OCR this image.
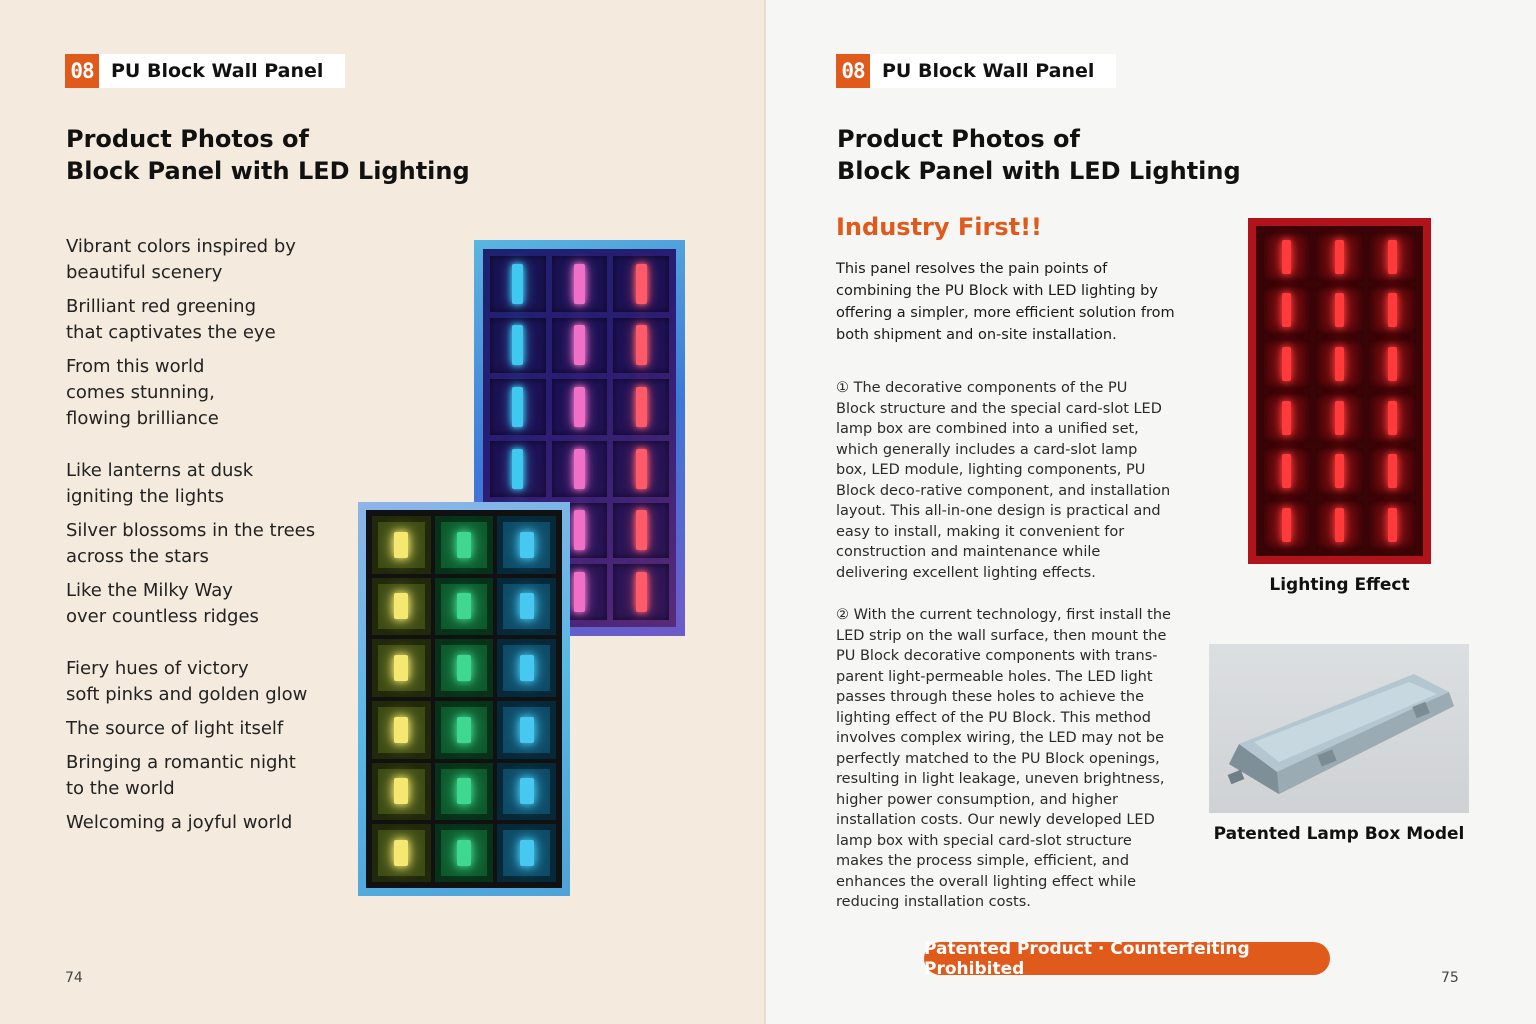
08 PU Block Wall Panel
Product Photos of
Block Panel with LED Lighting

Vibrant colors inspired by
beautiful scenery

Brilliant red greening
that captivates the eye

From this world
comes stunning,
flowing brilliance

Like lanterns at dusk
igniting the lights

Silver blossoms in the trees
across the stars

Like the Milky Way
over countless ridges

Fiery hues of victory
soft pinks and golden glow

The source of light itself

Bringing a romantic night
to the world

Welcoming a joyful world

74
08 PU Block Wall Panel
Product Photos of
Block Panel with LED Lighting
Industry First!!

This panel resolves the pain points of combining the PU Block with LED lighting by offering a simpler, more efficient solution from both shipment and on-site installation.

① The decorative components of the PU Block structure and the special card-slot LED lamp box are combined into a unified set, which generally includes a card-slot lamp box, LED module, lighting components, PU Block deco-rative component, and installation layout. This all-in-one design is practical and easy to install, making it convenient for construction and maintenance while delivering excellent lighting effects.

② With the current technology, first install the LED strip on the wall surface, then mount the PU Block decorative components with trans-parent light-permeable holes. The LED light passes through these holes to achieve the lighting effect of the PU Block. This method involves complex wiring, the LED may not be perfectly matched to the PU Block openings, resulting in light leakage, uneven brightness, higher power consumption, and higher installation costs. Our newly developed LED lamp box with special card-slot structure makes the process simple, efficient, and enhances the overall lighting effect while reducing installation costs.

Lighting Effect
Patented Lamp Box Model
Patented Product · Counterfeiting Prohibited	75
